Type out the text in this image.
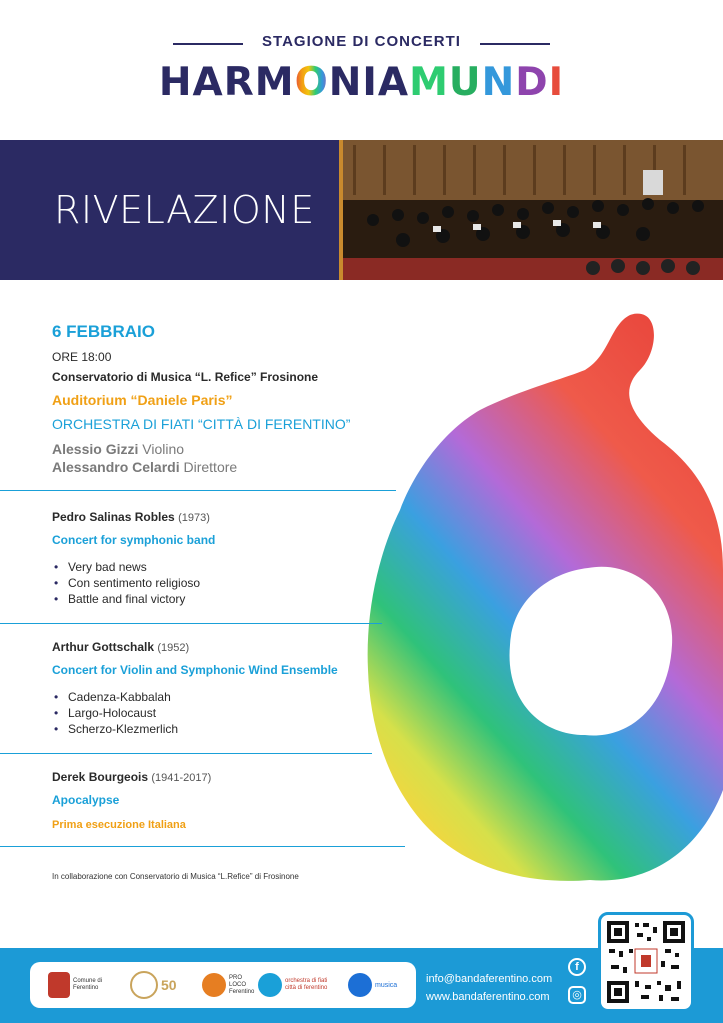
STAGIONE DI CONCERTI
HARMONIAMUNDI
RIVELAZIONE
6 FEBBRAIO
ORE 18:00
Conservatorio di Musica “L. Refice” Frosinone
Auditorium “Daniele Paris”
ORCHESTRA DI FIATI “CITTÀ DI FERENTINO”
Alessio Gizzi Violino
Alessandro Celardi Direttore
Pedro Salinas Robles (1973)
Concert for symphonic band
• Very bad news
• Con sentimento religioso
• Battle and final victory
Arthur Gottschalk (1952)
Concert for Violin and Symphonic Wind Ensemble
• Cadenza-Kabbalah
• Largo-Holocaust
• Scherzo-Klezmerlich
Derek Bourgeois (1941-2017)
Apocalypse
Prima esecuzione Italiana
In collaborazione con Conservatorio di Musica “L.Refice” di Frosinone
Comune di Ferentino	50	PRO LOCO Ferentino
orchestra di fiati città di ferentino	musica	info@bandaferentino.com
www.bandaferentino.com
f
◎
